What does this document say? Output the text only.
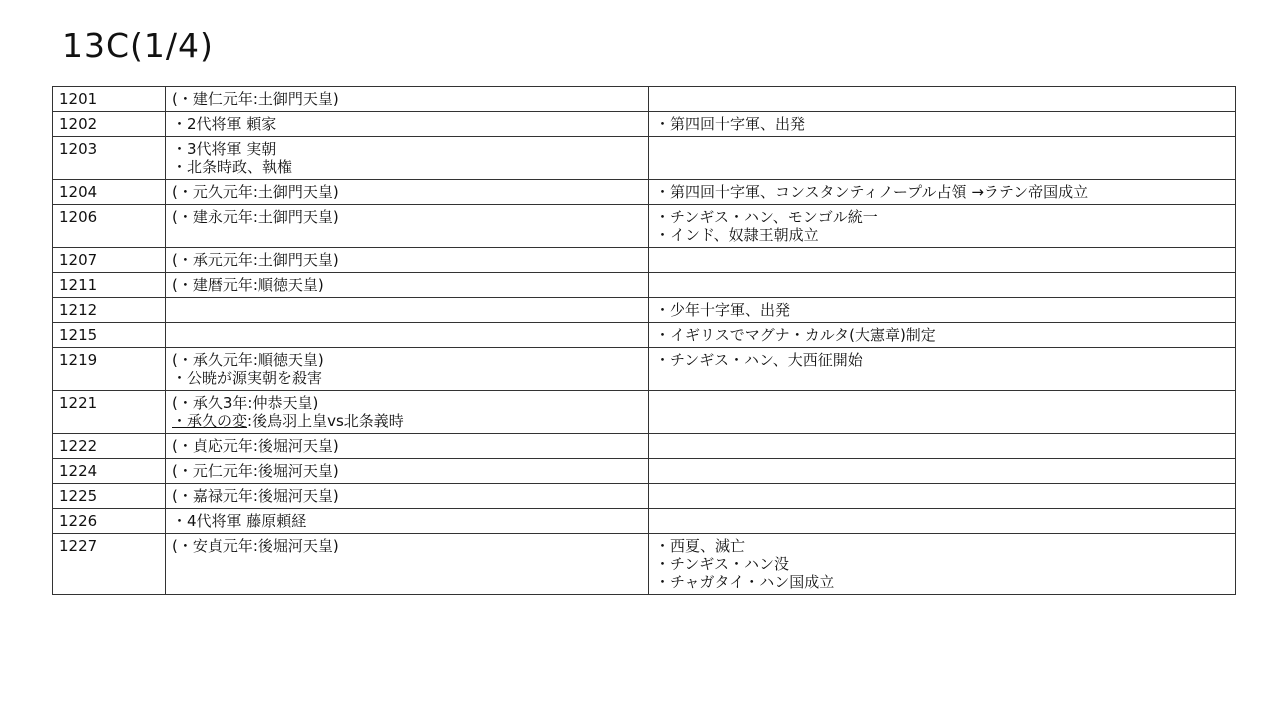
13C(1/4)
1201	(・建仁元年:土御門天皇)	

1202	・2代将軍 頼家	・第四回十字軍、出発

1203	・3代将軍 実朝
・北条時政、執権	

1204	(・元久元年:土御門天皇)	・第四回十字軍、コンスタンティノープル占領 →ラテン帝国成立

1206	(・建永元年:土御門天皇)	・チンギス・ハン、モンゴル統一
・インド、奴隷王朝成立

1207	(・承元元年:土御門天皇)	

1211	(・建暦元年:順徳天皇)	

1212		・少年十字軍、出発

1215		・イギリスでマグナ・カルタ(大憲章)制定

1219	(・承久元年:順徳天皇)
・公暁が源実朝を殺害	・チンギス・ハン、大西征開始

1221	(・承久3年:仲恭天皇)
・承久の変:後鳥羽上皇vs北条義時	

1222	(・貞応元年:後堀河天皇)	

1224	(・元仁元年:後堀河天皇)	

1225	(・嘉禄元年:後堀河天皇)	

1226	・4代将軍 藤原頼経	

1227	(・安貞元年:後堀河天皇)	・西夏、滅亡
・チンギス・ハン没
・チャガタイ・ハン国成立
